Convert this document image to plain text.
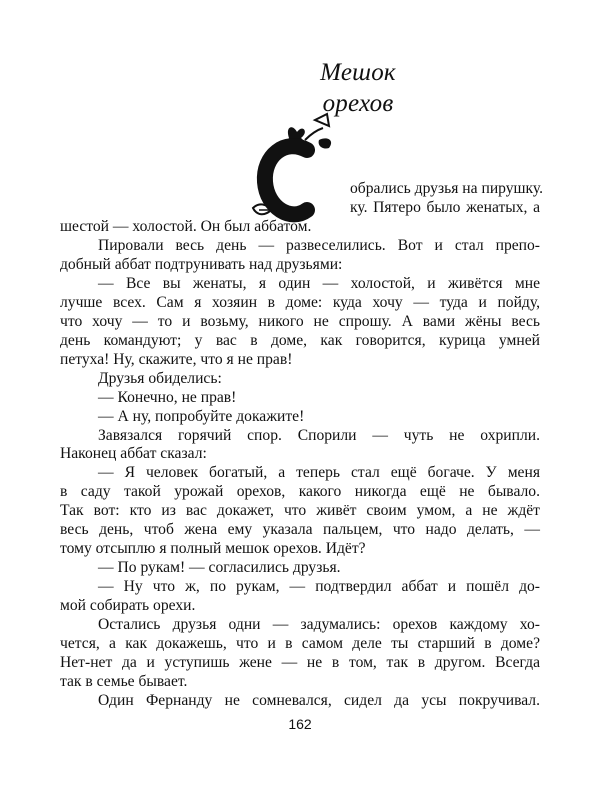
Мешок
орехов
обрались друзья на пирушку.
ку. Пятеро было женатых, а
шестой — холостой. Он был аббатом.
Пировали весь день — развеселились. Вот и стал препо-
добный аббат подтрунивать над друзьями:
— Все вы женаты, я один — холостой, и живётся мне
лучше всех. Сам я хозяин в доме: куда хочу — туда и пойду,
что хочу — то и возьму, никого не спрошу. А вами жёны весь
день командуют; у вас в доме, как говорится, курица умней
петуха! Ну, скажите, что я не прав!
Друзья обиделись:
— Конечно, не прав!
— А ну, попробуйте докажите!
Завязался горячий спор. Спорили — чуть не охрипли.
Наконец аббат сказал:
— Я человек богатый, а теперь стал ещё богаче. У меня
в саду такой урожай орехов, какого никогда ещё не бывало.
Так вот: кто из вас докажет, что живёт своим умом, а не ждёт
весь день, чтоб жена ему указала пальцем, что надо делать, —
тому отсыплю я полный мешок орехов. Идёт?
— По рукам! — согласились друзья.
— Ну что ж, по рукам, — подтвердил аббат и пошёл до-
мой собирать орехи.
Остались друзья одни — задумались: орехов каждому хо-
162
чется, а как докажешь, что и в самом деле ты старший в доме?
Нет-нет да и уступишь жене — не в том, так в другом. Всегда
так в семье бывает.
Один Фернанду не сомневался, сидел да усы покручивал.
